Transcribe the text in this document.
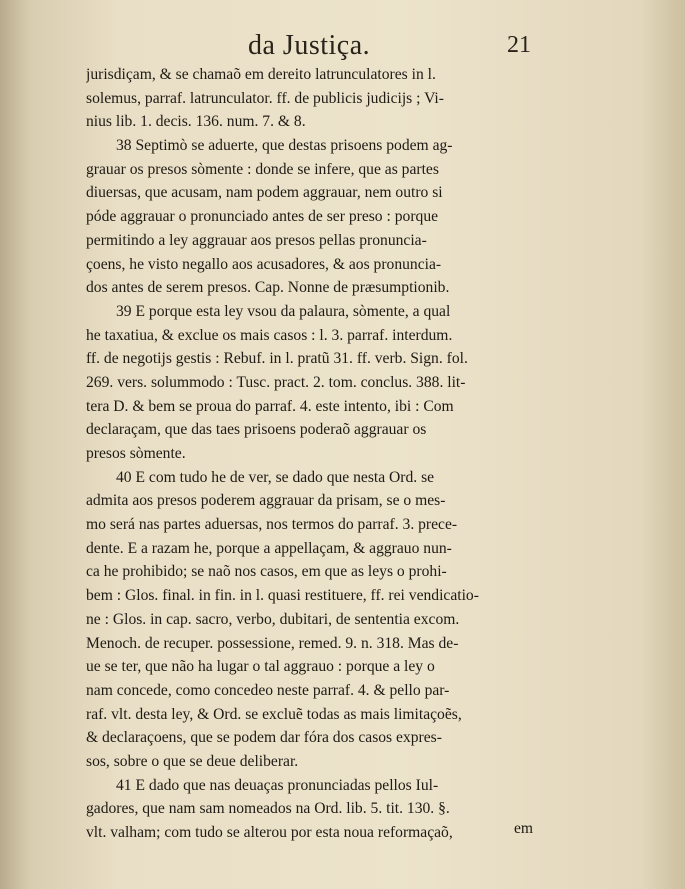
da Justiça.	21
jurisdiçam, & se chamaõ em dereito latrunculatores in l.
solemus, parraf. latrunculator. ff. de publicis judicijs ; Vi-
nius lib. 1. decis. 136. num. 7. & 8.
38 Septimò se aduerte, que destas prisoens podem ag-
grauar os presos sòmente : donde se infere, que as partes
diuersas, que acusam, nam podem aggrauar, nem outro si
póde aggrauar o pronunciado antes de ser preso : porque
permitindo a ley aggrauar aos presos pellas pronuncia-
çoens, he visto negallo aos acusadores, & aos pronuncia-
dos antes de serem presos. Cap. Nonne de præsumptionib.
39 E porque esta ley vsou da palaura, sòmente, a qual
he taxatiua, & exclue os mais casos : l. 3. parraf. interdum.
ff. de negotijs gestis : Rebuf. in l. pratũ 31. ff. verb. Sign. fol.
269. vers. solummodo : Tusc. pract. 2. tom. conclus. 388. lit-
tera D. & bem se proua do parraf. 4. este intento, ibi : Com
declaraçam, que das taes prisoens poderaõ aggrauar os
presos sòmente.
40 E com tudo he de ver, se dado que nesta Ord. se
admita aos presos poderem aggrauar da prisam, se o mes-
mo será nas partes aduersas, nos termos do parraf. 3. prece-
dente. E a razam he, porque a appellaçam, & aggrauo nun-
ca he prohibido; se naõ nos casos, em que as leys o prohi-
bem : Glos. final. in fin. in l. quasi restituere, ff. rei vendicatio-
ne : Glos. in cap. sacro, verbo, dubitari, de sententia excom.
Menoch. de recuper. possessione, remed. 9. n. 318. Mas de-
ue se ter, que não ha lugar o tal aggrauo : porque a ley o
nam concede, como concedeo neste parraf. 4. & pello par-
raf. vlt. desta ley, & Ord. se excluẽ todas as mais limitaçoẽs,
& declaraçoens, que se podem dar fóra dos casos expres-
sos, sobre o que se deue deliberar.
41 E dado que nas deuaças pronunciadas pellos Iul-
gadores, que nam sam nomeados na Ord. lib. 5. tit. 130. §.
vlt. valham; com tudo se alterou por esta noua reformaçaõ,	em
